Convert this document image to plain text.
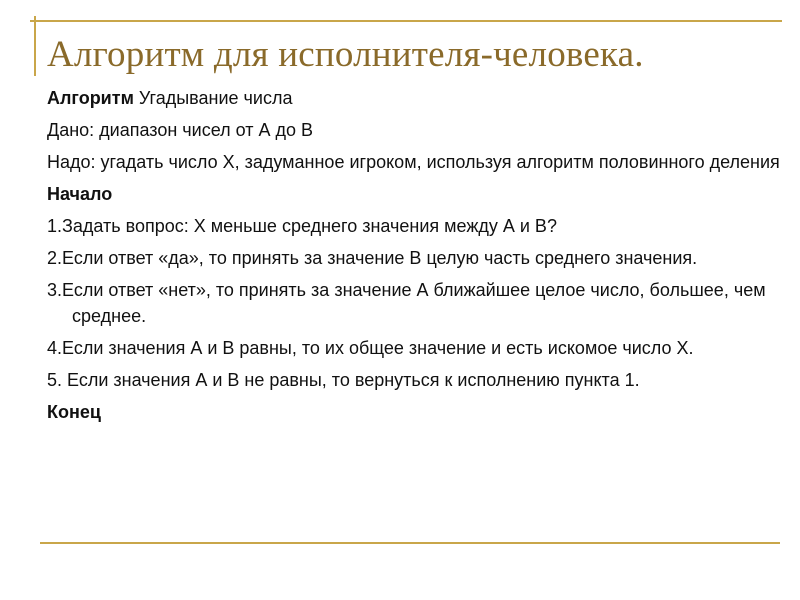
Алгоритм для исполнителя-человека.
Алгоритм Угадывание числа
Дано: диапазон чисел от А до В
Надо: угадать число Х, задуманное игроком, используя алгоритм половинного деления
Начало
1.Задать вопрос: Х меньше среднего значения между А и В?
2.Если ответ «да», то принять за значение В целую часть среднего значения.
3.Если ответ «нет», то принять за значение А ближайшее целое число, большее, чем среднее.
4.Если значения А и В равны, то их общее значение и есть искомое число Х.
5. Если значения А и В не равны, то вернуться к исполнению пункта 1.
Конец
